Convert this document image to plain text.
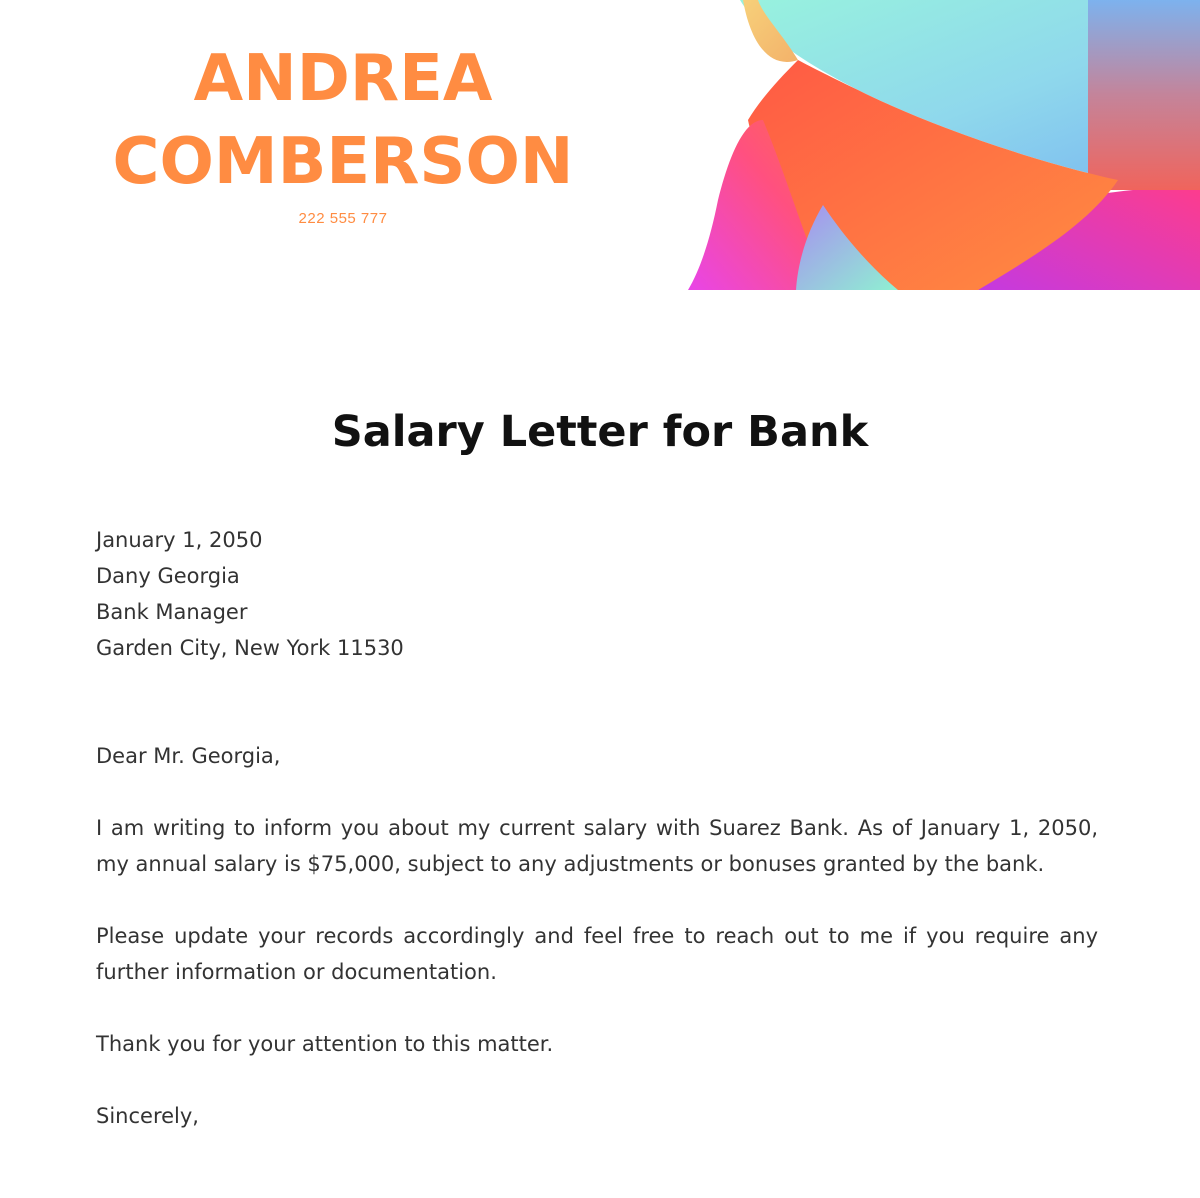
ANDREA
COMBERSON
222 555 777
Salary Letter for Bank

January 1, 2050

Dany Georgia

Bank Manager

Garden City, New York 11530

Dear Mr. Georgia,

I am writing to inform you about my current salary with Suarez Bank. As of January 1, 2050, my annual salary is $75,000, subject to any adjustments or bonuses granted by the bank.

Please update your records accordingly and feel free to reach out to me if you require any further information or documentation.

Thank you for your attention to this matter.

Sincerely,
